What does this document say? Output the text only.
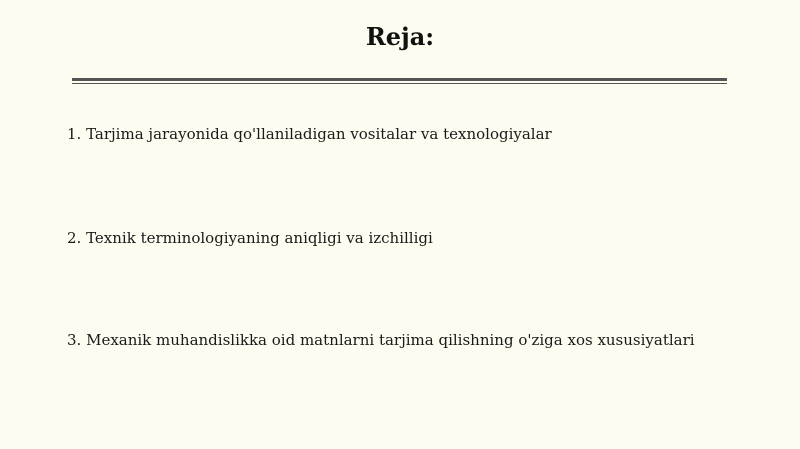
Reja:

1. Tarjima jarayonida qo'llaniladigan vositalar va texnologiyalar

2. Texnik terminologiyaning aniqligi va izchilligi

3. Mexanik muhandislikka oid matnlarni tarjima qilishning o'ziga xos xususiyatlari
